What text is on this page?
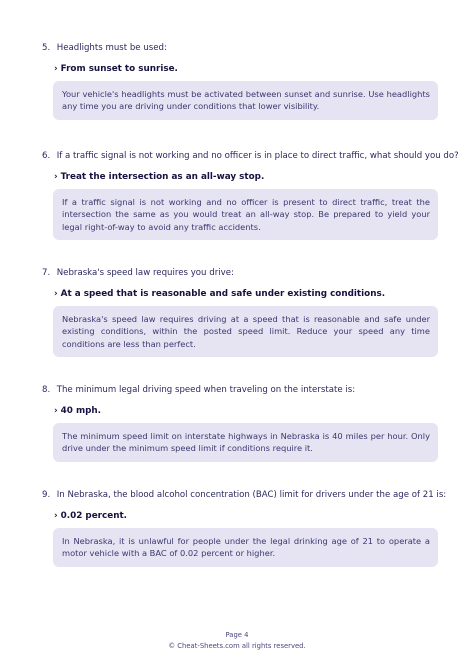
5. Headlights must be used:
› From sunset to sunrise.
Your vehicle's headlights must be activated between sunset and sunrise. Use headlights any time you are driving under conditions that lower visibility.
6. If a traffic signal is not working and no officer is in place to direct traffic, what should you do?
› Treat the intersection as an all-way stop.
If a traffic signal is not working and no officer is present to direct traffic, treat the intersection the same as you would treat an all-way stop. Be prepared to yield your legal right-of-way to avoid any traffic accidents.
7. Nebraska's speed law requires you drive:
› At a speed that is reasonable and safe under existing conditions.
Nebraska's speed law requires driving at a speed that is reasonable and safe under existing conditions, within the posted speed limit. Reduce your speed any time conditions are less than perfect.
8. The minimum legal driving speed when traveling on the interstate is:
› 40 mph.
The minimum speed limit on interstate highways in Nebraska is 40 miles per hour. Only drive under the minimum speed limit if conditions require it.
9. In Nebraska, the blood alcohol concentration (BAC) limit for drivers under the age of 21 is:
› 0.02 percent.
In Nebraska, it is unlawful for people under the legal drinking age of 21 to operate a motor vehicle with a BAC of 0.02 percent or higher.
Page 4
© Cheat-Sheets.com all rights reserved.
